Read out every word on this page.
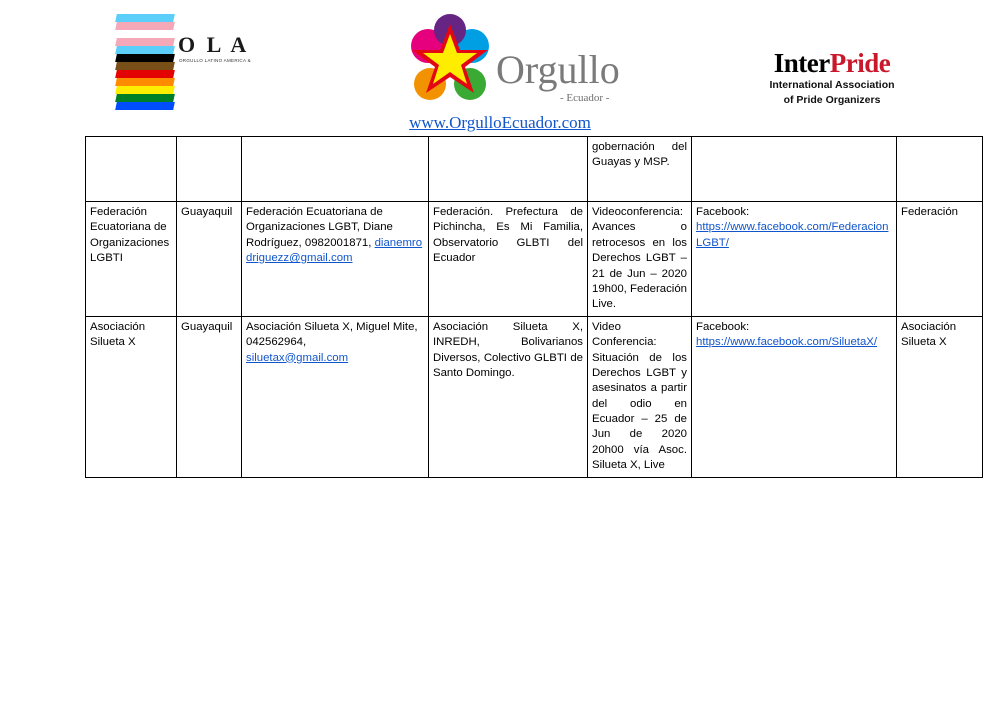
O L A
ORGULLO LATINO AMERICA &	Orgullo
- Ecuador -
InterPride
International Association
of Pride Organizers
www.OrgulloEcuador.com
				gobernación del Guayas y MSP.		
Federación Ecuatoriana de Organizaciones LGBTI	Guayaquil	Federación Ecuatoriana de Organizaciones LGBT, Diane Rodríguez, 0982001871, dianemrodriguezz@gmail.com	Federación. Prefectura de Pichincha, Es Mi Familia, Observatorio GLBTI del Ecuador	Videoconferencia: Avances o retrocesos en los Derechos LGBT – 21 de Jun – 2020 19h00, Federación Live.	Facebook:
https://www.facebook.com/FederacionLGBT/	Federación
Asociación Silueta X	Guayaquil	Asociación Silueta X, Miguel Mite, 042562964,
siluetax@gmail.com	Asociación Silueta X, INREDH, Bolivarianos Diversos, Colectivo GLBTI de Santo Domingo.	Video Conferencia: Situación de los Derechos LGBT y asesinatos a partir del odio en Ecuador – 25 de Jun de 2020 20h00 vía Asoc. Silueta X, Live	Facebook:
https://www.facebook.com/SiluetaX/	Asociación Silueta X
